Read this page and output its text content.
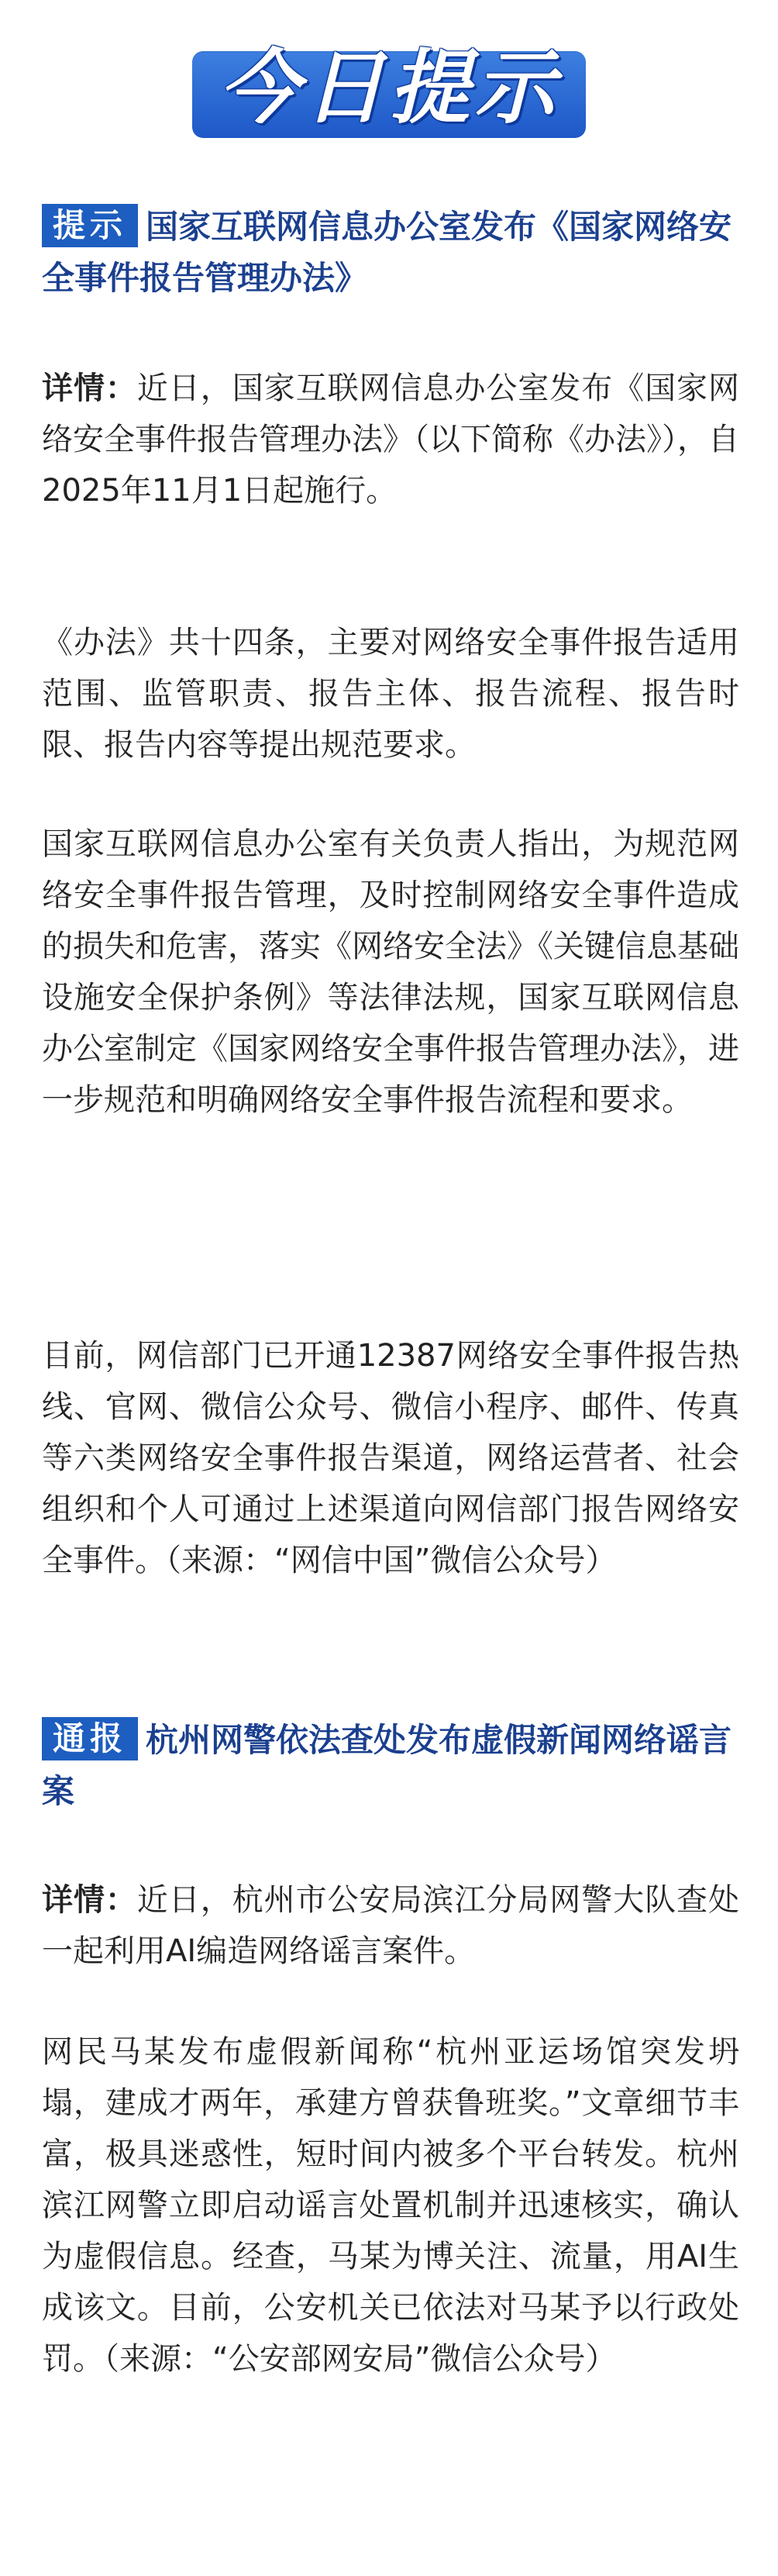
今日提示

提示 国家互联网信息办公室发布《国家网络安全事件报告管理办法》

详情：近日，国家互联网信息办公室发布《国家网络安全事件报告管理办法》（以下简称《办法》），自2025年11月1日起施行。

《办法》共十四条，主要对网络安全事件报告适用范围、监管职责、报告主体、报告流程、报告时限、报告内容等提出规范要求。

国家互联网信息办公室有关负责人指出，为规范网络安全事件报告管理，及时控制网络安全事件造成的损失和危害，落实《网络安全法》《关键信息基础设施安全保护条例》等法律法规，国家互联网信息办公室制定《国家网络安全事件报告管理办法》，进一步规范和明确网络安全事件报告流程和要求。

目前，网信部门已开通12387网络安全事件报告热线、官网、微信公众号、微信小程序、邮件、传真等六类网络安全事件报告渠道，网络运营者、社会组织和个人可通过上述渠道向网信部门报告网络安全事件。（来源：“网信中国”微信公众号）

通报 杭州网警依法查处发布虚假新闻网络谣言案

详情：近日，杭州市公安局滨江分局网警大队查处一起利用AI编造网络谣言案件。

网民马某发布虚假新闻称“杭州亚运场馆突发坍塌，建成才两年，承建方曾获鲁班奖。”文章细节丰富，极具迷惑性，短时间内被多个平台转发。杭州滨江网警立即启动谣言处置机制并迅速核实，确认为虚假信息。经查，马某为博关注、流量，用AI生成该文。目前，公安机关已依法对马某予以行政处罚。（来源：“公安部网安局”微信公众号）
